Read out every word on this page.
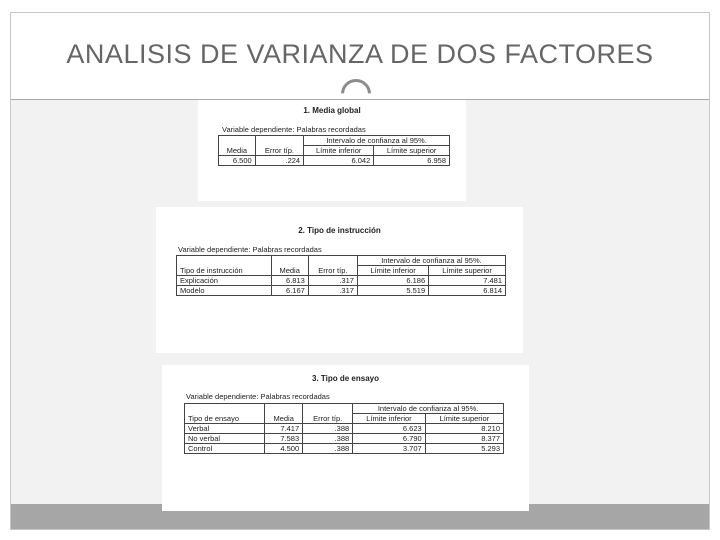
ANALISIS DE VARIANZA DE DOS FACTORES
1. Media global
Variable dependiente: Palabras recordadas
		Intervalo de confianza al 95%.	
Media	Error típ.	Límite inferior	Límite superior
6.500	.224	6.042	6.958
2. Tipo de instrucción
Variable dependiente: Palabras recordadas
			Intervalo de confianza al 95%.	
Tipo de instrucción	Media	Error típ.	Límite inferior	Límite superior
Explicación	6.813	.317	6.186	7.481
Modelo	6.167	.317	5.519	6.814
3. Tipo de ensayo
Variable dependiente: Palabras recordadas
			Intervalo de confianza al 95%.	
Tipo de ensayo	Media	Error típ.	Límite inferior	Límite superior
Verbal	7.417	.388	6.623	8.210
No verbal	7.583	.388	6.790	8.377
Control	4.500	.388	3.707	5.293
